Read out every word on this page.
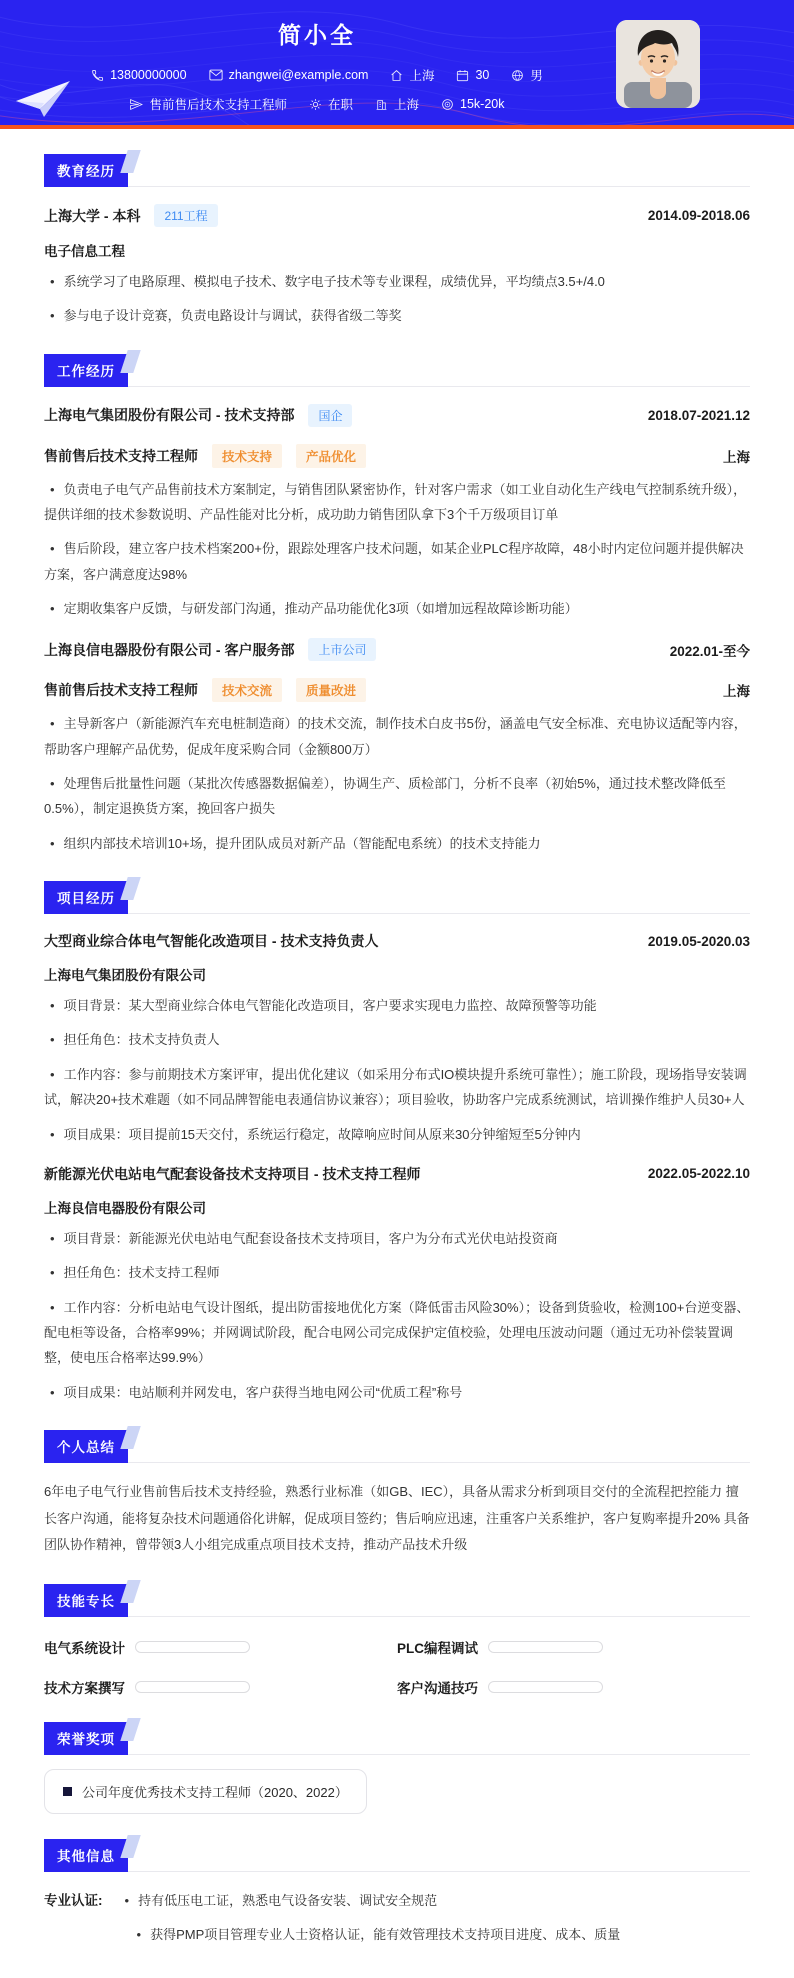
简小全
13800000000	zhangwei@example.com	上海	30	男
售前售后技术支持工程师	在职	上海	15k-20k
教育经历
上海大学 - 本科	211工程	2014.09-2018.06
电子信息工程

• 系统学习了电路原理、模拟电子技术、数字电子技术等专业课程，成绩优异，平均绩点3.5+/4.0

• 参与电子设计竞赛，负责电路设计与调试，获得省级二等奖

工作经历
上海电气集团股份有限公司 - 技术支持部	国企	2018.07-2021.12
售前售后技术支持工程师	技术支持	产品优化	上海

• 负责电子电气产品售前技术方案制定，与销售团队紧密协作，针对客户需求（如工业自动化生产线电气控制系统升级），提供详细的技术参数说明、产品性能对比分析，成功助力销售团队拿下3个千万级项目订单

• 售后阶段，建立客户技术档案200+份，跟踪处理客户技术问题，如某企业PLC程序故障，48小时内定位问题并提供解决方案，客户满意度达98%

• 定期收集客户反馈，与研发部门沟通，推动产品功能优化3项（如增加远程故障诊断功能）

上海良信电器股份有限公司 - 客户服务部	上市公司	2022.01-至今
售前售后技术支持工程师	技术交流	质量改进	上海

• 主导新客户（新能源汽车充电桩制造商）的技术交流，制作技术白皮书5份，涵盖电气安全标准、充电协议适配等内容，帮助客户理解产品优势，促成年度采购合同（金额800万）

• 处理售后批量性问题（某批次传感器数据偏差），协调生产、质检部门，分析不良率（初始5%，通过技术整改降低至0.5%），制定退换货方案，挽回客户损失

• 组织内部技术培训10+场，提升团队成员对新产品（智能配电系统）的技术支持能力

项目经历
大型商业综合体电气智能化改造项目 - 技术支持负责人	2019.05-2020.03
上海电气集团股份有限公司

• 项目背景：某大型商业综合体电气智能化改造项目，客户要求实现电力监控、故障预警等功能

• 担任角色：技术支持负责人

• 工作内容：参与前期技术方案评审，提出优化建议（如采用分布式IO模块提升系统可靠性）；施工阶段，现场指导安装调试，解决20+技术难题（如不同品牌智能电表通信协议兼容）；项目验收，协助客户完成系统测试，培训操作维护人员30+人

• 项目成果：项目提前15天交付，系统运行稳定，故障响应时间从原来30分钟缩短至5分钟内

新能源光伏电站电气配套设备技术支持项目 - 技术支持工程师	2022.05-2022.10
上海良信电器股份有限公司

• 项目背景：新能源光伏电站电气配套设备技术支持项目，客户为分布式光伏电站投资商

• 担任角色：技术支持工程师

• 工作内容：分析电站电气设计图纸，提出防雷接地优化方案（降低雷击风险30%）；设备到货验收，检测100+台逆变器、配电柜等设备，合格率99%；并网调试阶段，配合电网公司完成保护定值校验，处理电压波动问题（通过无功补偿装置调整，使电压合格率达99.9%）

• 项目成果：电站顺利并网发电，客户获得当地电网公司“优质工程”称号

个人总结

6年电子电气行业售前售后技术支持经验，熟悉行业标准（如GB、IEC），具备从需求分析到项目交付的全流程把控能力 擅长客户沟通，能将复杂技术问题通俗化讲解，促成项目签约；售后响应迅速，注重客户关系维护，客户复购率提升20% 具备团队协作精神，曾带领3人小组完成重点项目技术支持，推动产品技术升级

技能专长
电气系统设计	PLC编程调试
技术方案撰写	客户沟通技巧
荣誉奖项
公司年度优秀技术支持工程师（2020、2022）
其他信息
专业认证:	• 持有低压电工证，熟悉电气设备安装、调试安全规范

• 获得PMP项目管理专业人士资格认证，能有效管理技术支持项目进度、成本、质量
